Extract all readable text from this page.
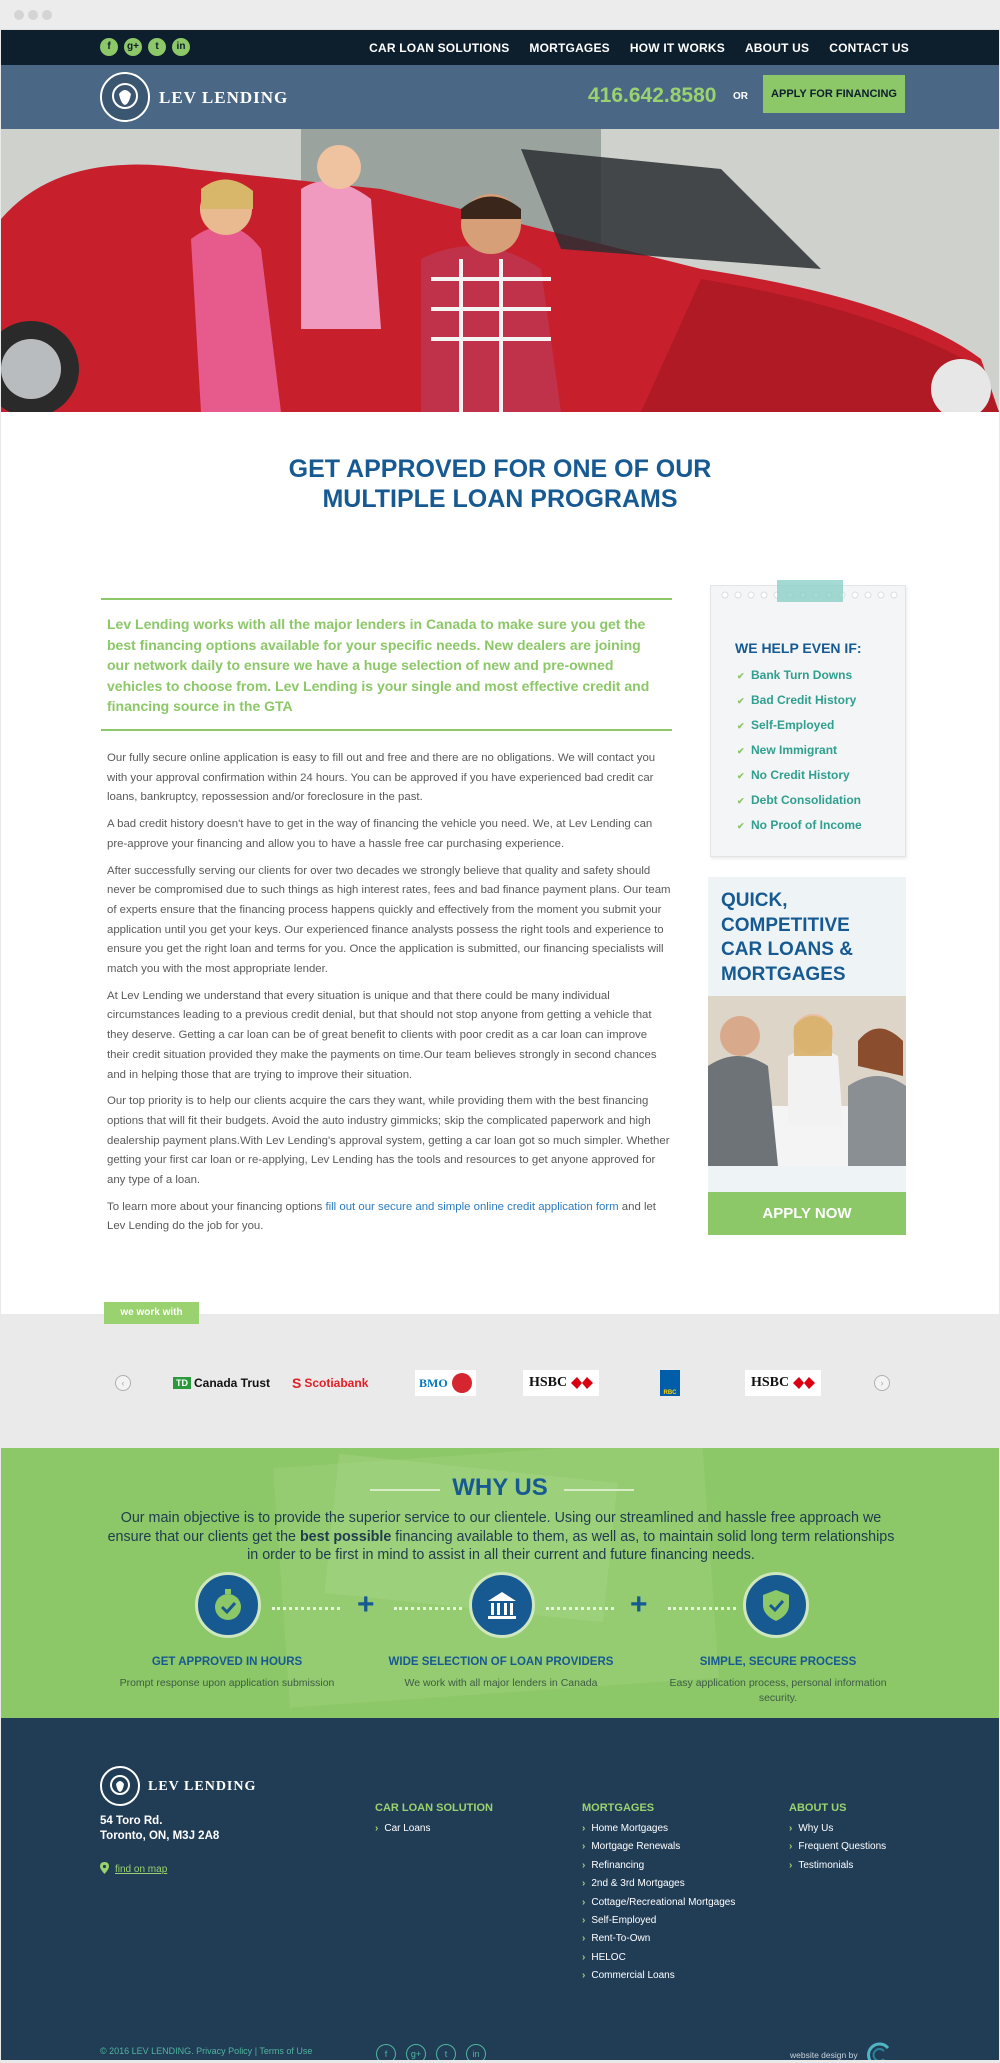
f	g+	t	in	CAR LOAN SOLUTIONS MORTGAGES HOW IT WORKS ABOUT US CONTACT US
LEV LENDING	416.642.8580 OR	APPLY FOR FINANCING
GET APPROVED FOR ONE OF OUR
MULTIPLE LOAN PROGRAMS
Lev Lending works with all the major lenders in Canada to make sure you get the best financing options available for your specific needs. New dealers are joining our network daily to ensure we have a huge selection of new and pre-owned vehicles to choose from. Lev Lending is your single and most effective credit and financing source in the GTA

Our fully secure online application is easy to fill out and free and there are no obligations. We will contact you with your approval confirmation within 24 hours. You can be approved if you have experienced bad credit car loans, bankruptcy, repossession and/or foreclosure in the past.

A bad credit history doesn't have to get in the way of financing the vehicle you need. We, at Lev Lending can pre-approve your financing and allow you to have a hassle free car purchasing experience.

After successfully serving our clients for over two decades we strongly believe that quality and safety should never be compromised due to such things as high interest rates, fees and bad finance payment plans. Our team of experts ensure that the financing process happens quickly and effectively from the moment you submit your application until you get your keys. Our experienced finance analysts possess the right tools and experience to ensure you get the right loan and terms for you. Once the application is submitted, our financing specialists will match you with the most appropriate lender.

At Lev Lending we understand that every situation is unique and that there could be many individual circumstances leading to a previous credit denial, but that should not stop anyone from getting a vehicle that they deserve. Getting a car loan can be of great benefit to clients with poor credit as a car loan can improve their credit situation provided they make the payments on time.Our team believes strongly in second chances and in helping those that are trying to improve their situation.

Our top priority is to help our clients acquire the cars they want, while providing them with the best financing options that will fit their budgets. Avoid the auto industry gimmicks; skip the complicated paperwork and high dealership payment plans.With Lev Lending's approval system, getting a car loan got so much simpler. Whether getting your first car loan or re-applying, Lev Lending has the tools and resources to get anyone approved for any type of a loan.

To learn more about your financing options fill out our secure and simple online credit application form and let Lev Lending do the job for you.

WE HELP EVEN IF:
✔ Bank Turn Downs
✔ Bad Credit History
✔ Self-Employed
✔ New Immigrant
✔ No Credit History
✔ Debt Consolidation
✔ No Proof of Income
QUICK,
COMPETITIVE
CAR LOANS &
MORTGAGES
APPLY NOW
we work with
‹	›
TD Canada Trust S Scotiabank	BMO	HSBC
RBC
HSBC
WHY US
Our main objective is to provide the superior service to our clientele. Using our streamlined and hassle free approach we ensure that our clients get the best possible financing available to them, as well as, to maintain solid long term relationships in order to be first in mind to assist in all their current and future financing needs.
+	+
GET APPROVED IN HOURS
Prompt response upon application submission
WIDE SELECTION OF LOAN PROVIDERS
We work with all major lenders in Canada
SIMPLE, SECURE PROCESS
Easy application process, personal information security.
LEV LENDING
54 Toro Rd.
Toronto, ON, M3J 2A8
find on map
CAR LOAN SOLUTION
› Car Loans
MORTGAGES
› Home Mortgages
› Mortgage Renewals
› Refinancing
› 2nd & 3rd Mortgages
› Cottage/Recreational Mortgages
› Self-Employed
› Rent-To-Own
› HELOC
› Commercial Loans
ABOUT US
› Why Us
› Frequent Questions
› Testimonials
© 2016 LEV LENDING. Privacy Policy | Terms of Use	f	g+	t	in	website design by
